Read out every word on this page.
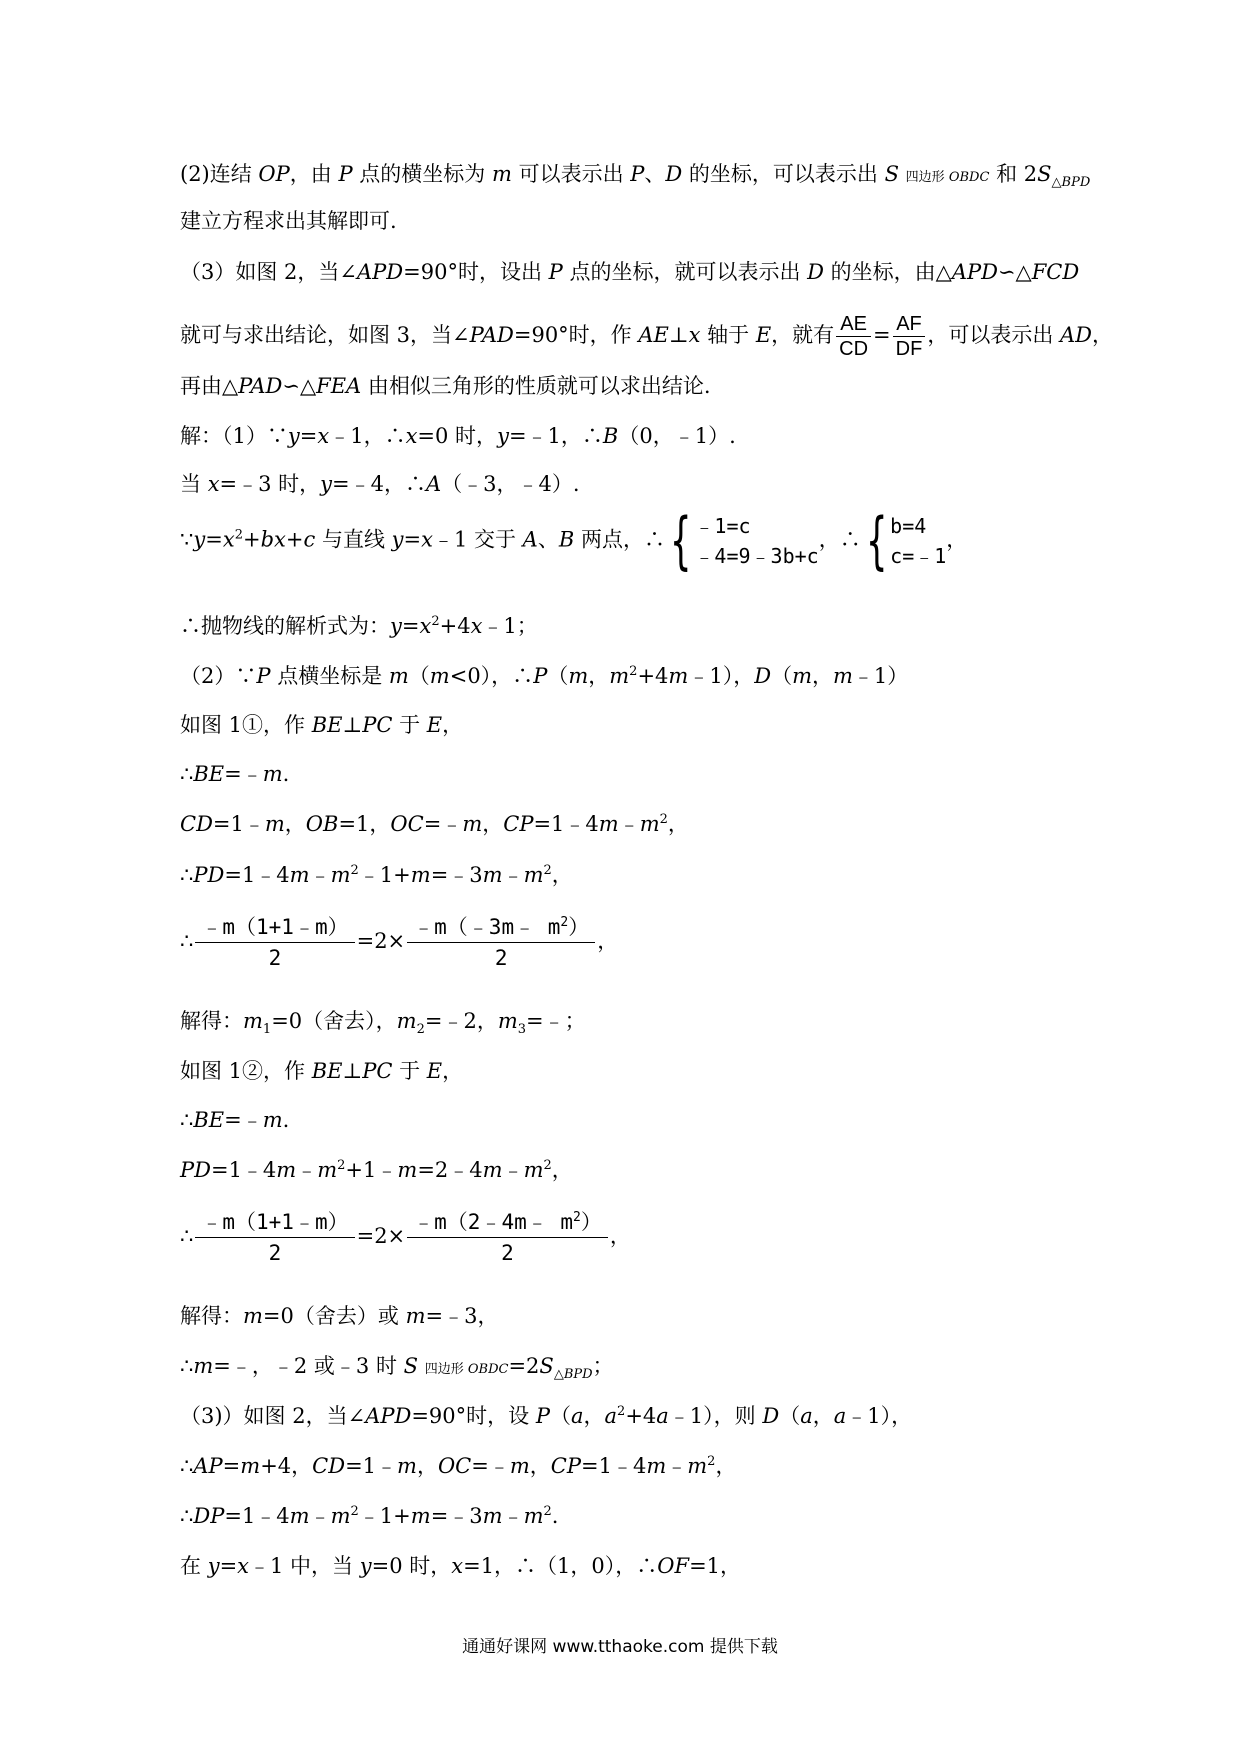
(2)连结 OP，由 P 点的横坐标为 m 可以表示出 P、D 的坐标，可以表示出 S 四边形 OBDC 和 $2S_{\triangle BPD}$
建立方程求出其解即可.
（3）如图 2，当∠APD=90°时，设出 P 点的坐标，就可以表示出 D 的坐标，由△APD∽△FCD
就可与求出结论，如图 3，当∠PAD=90°时，作 AE⊥x 轴于 E，就有 $\frac{AE}{CD} = \frac{AF}{DF}$ ，可以表示出 AD，
再由△PAD∽△FEA 由相似三角形的性质就可以求出结论.
解：（1）∵y=x﹣1，∴x=0 时，y=﹣1，∴B（0，﹣1）.
当 x=﹣3 时，y=﹣4，∴A（﹣3，﹣4）.
$\because y=x^2+bx+c$ 与直线 y=x﹣1 交于 A、B 两点，∴{ ﹣1=c
﹣4=9﹣3b+c
，∴{ b=4
c=﹣1
，
∴抛物线的解析式为：$y=x^2+4x﹣1$；
（2）∵P 点横坐标是 m（m<0），∴P（m，$m^2+4m﹣1$），D（m，m﹣1）
如图 1①，作 BE⊥PC 于 E，
∴BE=﹣m.
CD=1﹣m，OB=1，OC=﹣m，$CP=1﹣4m﹣m^2$，
$\therefore PD=1﹣4m﹣m^2﹣1+m=﹣3m﹣m^2$，
∴ $\frac{﹣m(1+1﹣m)}{2} =2\times \frac{﹣m(﹣3m﹣ m^2)}{2}$ ，
解得：$m_1=0$（舍去），$m_2=﹣2$，$m_3=﹣$；
如图 1②，作 BE⊥PC 于 E，
∴BE=﹣m.
$PD=1﹣4m﹣m^2+1﹣m=2﹣4m﹣m^2$，
∴ $\frac{﹣m(1+1﹣m)}{2} =2\times \frac{﹣m(2﹣4m﹣ m^2)}{2}$ ，
解得：m=0（舍去）或 m=﹣3，
∴m=﹣，﹣2 或﹣3 时 S 四边形 $OBDC=2S_{\triangle BPD}$；
（3)）如图 2，当∠APD=90°时，设 P（a，$a^2+4a﹣1$），则 D（a，a﹣1），
∴AP=m+4，CD=1﹣m，OC=﹣m，$CP=1﹣4m﹣m^2$，
$\therefore DP=1﹣4m﹣m^2﹣1+m=﹣3m﹣m^2$.
在 y=x﹣1 中，当 y=0 时，x=1，∴（1，0），∴OF=1，
通通好课网 www.tthaoke.com 提供下载
